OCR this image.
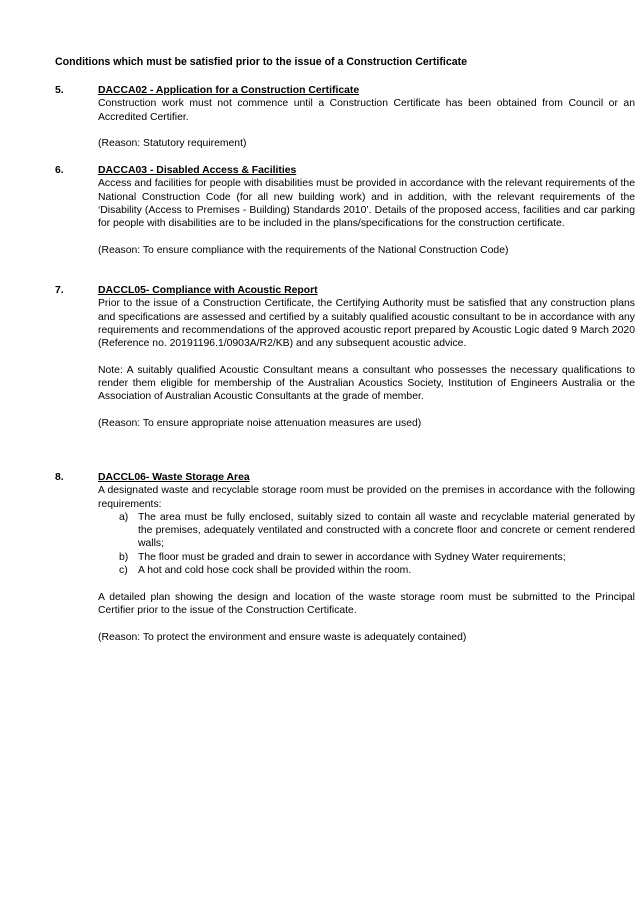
Conditions which must be satisfied prior to the issue of a Construction Certificate
5.	DACCA02 - Application for a Construction Certificate

Construction work must not commence until a Construction Certificate has been obtained from Council or an Accredited Certifier.

(Reason: Statutory requirement)

6.	DACCA03 - Disabled Access & Facilities

Access and facilities for people with disabilities must be provided in accordance with the relevant requirements of the National Construction Code (for all new building work) and in addition, with the relevant requirements of the ‘Disability (Access to Premises - Building) Standards 2010’. Details of the proposed access, facilities and car parking for people with disabilities are to be included in the plans/specifications for the construction certificate.

(Reason: To ensure compliance with the requirements of the National Construction Code)

7.	DACCL05- Compliance with Acoustic Report

Prior to the issue of a Construction Certificate, the Certifying Authority must be satisfied that any construction plans and specifications are assessed and certified by a suitably qualified acoustic consultant to be in accordance with any requirements and recommendations of the approved acoustic report prepared by Acoustic Logic dated 9 March 2020 (Reference no. 20191196.1/0903A/R2/KB) and any subsequent acoustic advice.

Note: A suitably qualified Acoustic Consultant means a consultant who possesses the necessary qualifications to render them eligible for membership of the Australian Acoustics Society, Institution of Engineers Australia or the Association of Australian Acoustic Consultants at the grade of member.

(Reason: To ensure appropriate noise attenuation measures are used)

8.	DACCL06- Waste Storage Area

A designated waste and recyclable storage room must be provided on the premises in accordance with the following requirements:

a) The area must be fully enclosed, suitably sized to contain all waste and recyclable material generated by the premises, adequately ventilated and constructed with a concrete floor and concrete or cement rendered walls;
b) The floor must be graded and drain to sewer in accordance with Sydney Water requirements;
c) A hot and cold hose cock shall be provided within the room.

A detailed plan showing the design and location of the waste storage room must be submitted to the Principal Certifier prior to the issue of the Construction Certificate.

(Reason: To protect the environment and ensure waste is adequately contained)
